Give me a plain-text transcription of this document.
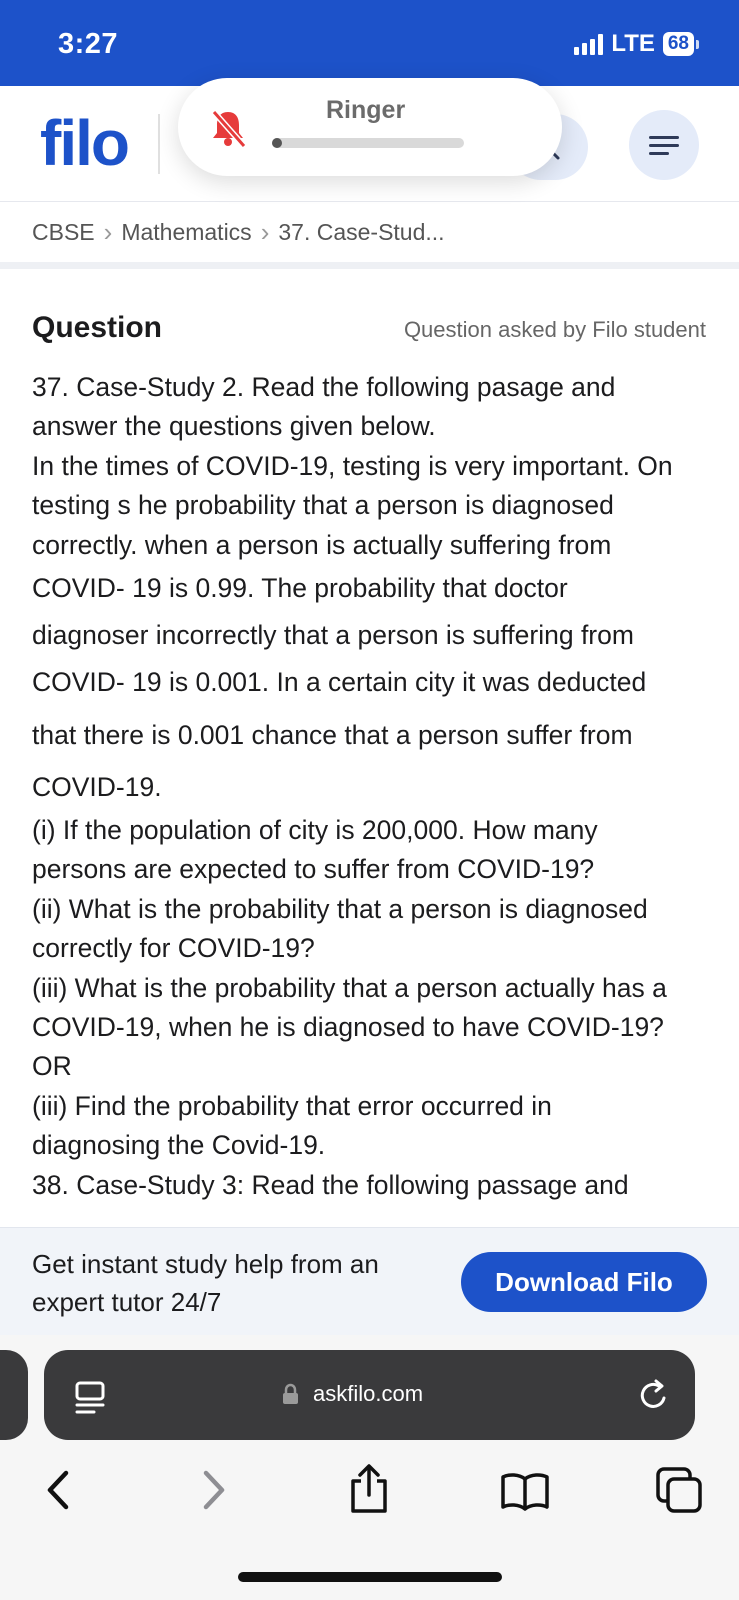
3:27	LTE 68
filo	Ringer
CBSE › Mathematics › 37. Case-Stud...
Question	Question asked by Filo student
37. Case-Study 2. Read the following pasage and
answer the questions given below.
In the times of COVID-19, testing is very important. On
testing s he probability that a person is diagnosed
correctly. when a person is actually suffering from
COVID- 19 is 0.99. The probability that doctor
diagnoser incorrectly that a person is suffering from
COVID- 19 is 0.001. In a certain city it was deducted
that there is 0.001 chance that a person suffer from
COVID-19.
(i) If the population of city is 200,000. How many
persons are expected to suffer from COVID-19?
(ii) What is the probability that a person is diagnosed
correctly for COVID-19?
(iii) What is the probability that a person actually has a
COVID-19, when he is diagnosed to have COVID-19?
OR
(iii) Find the probability that error occurred in
diagnosing the Covid-19.
38. Case-Study 3: Read the following passage and
Get instant study help from an expert tutor 24/7
Download Filo
askfilo.com
